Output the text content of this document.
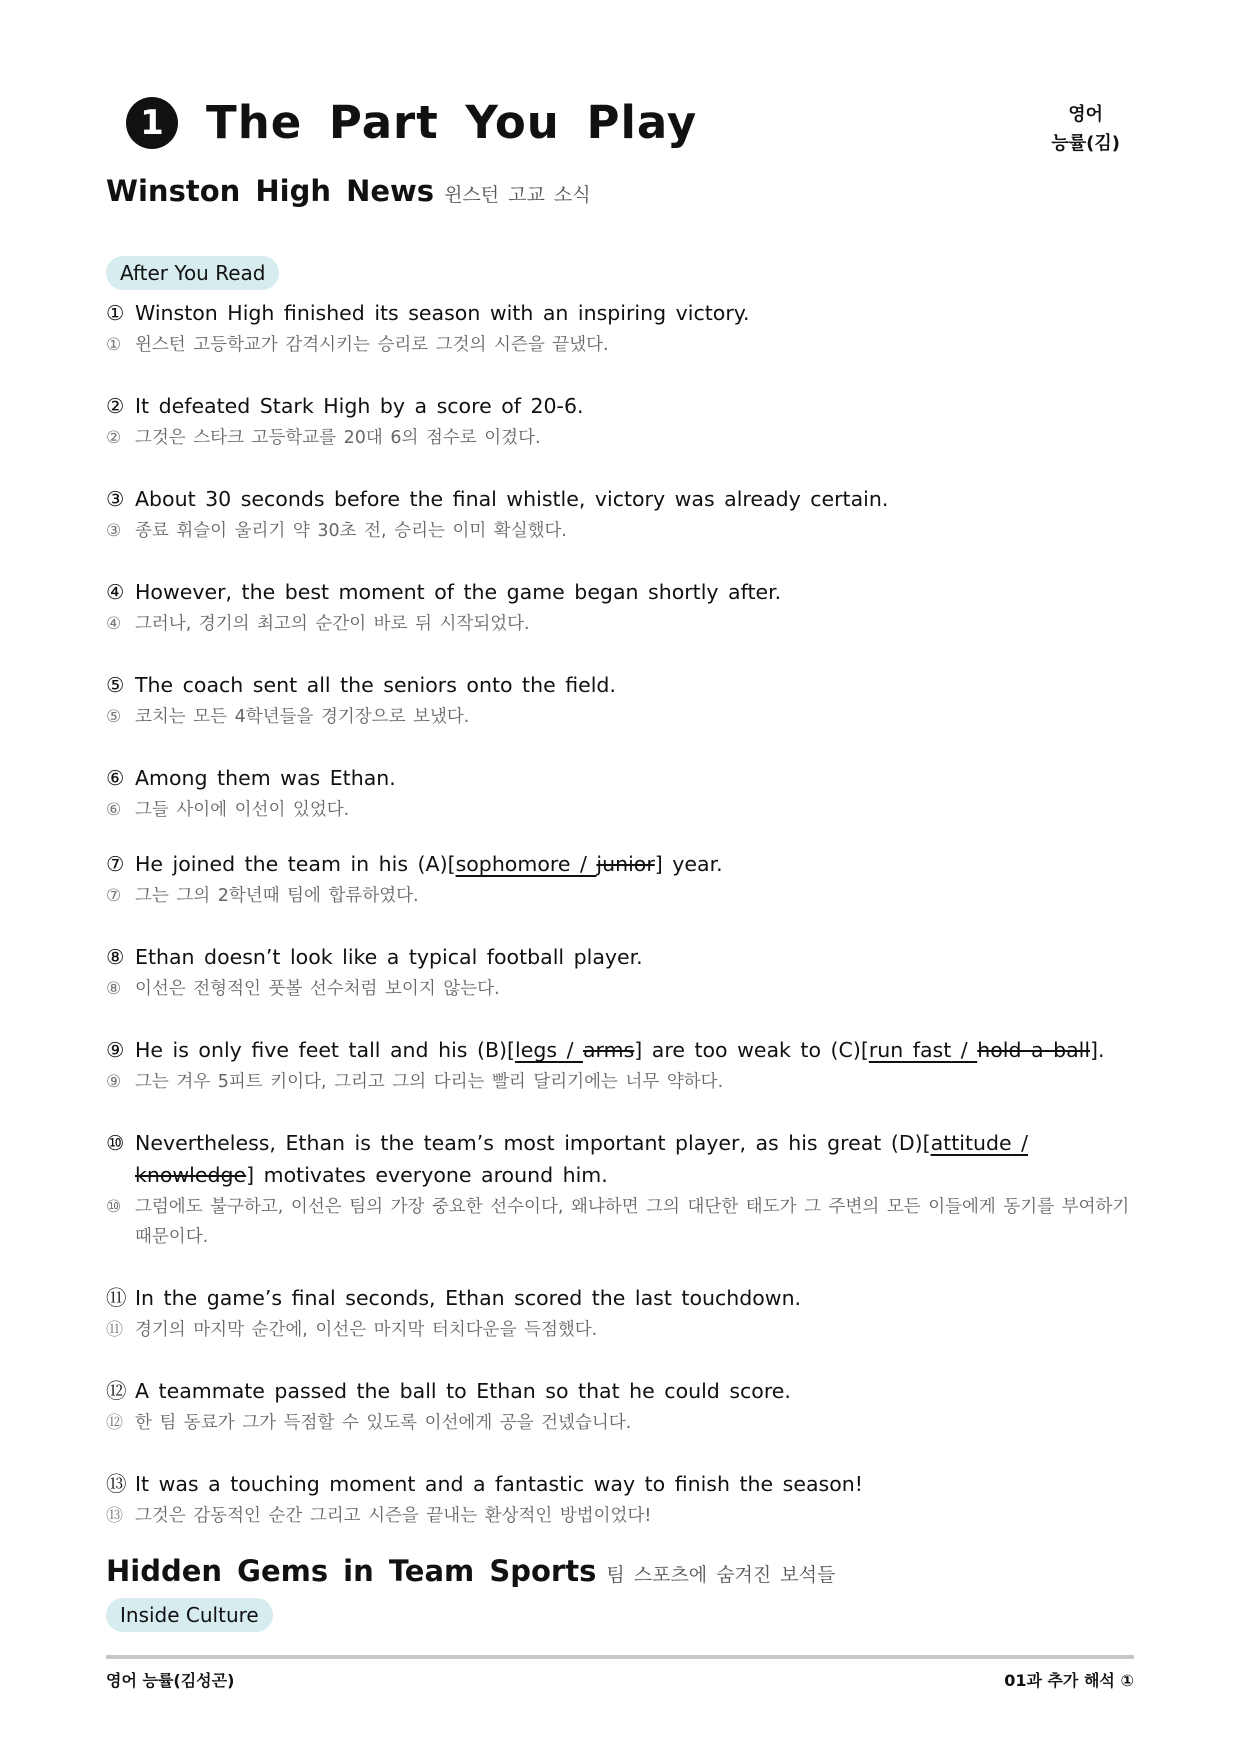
1 The Part You Play	영어
능률(김)
Winston High News 윈스턴 고교 소식
After You Read
① Winston High finished its season with an inspiring victory.
① 윈스턴 고등학교가 감격시키는 승리로 그것의 시즌을 끝냈다.
② It defeated Stark High by a score of 20-6.
② 그것은 스타크 고등학교를 20대 6의 점수로 이겼다.
③ About 30 seconds before the final whistle, victory was already certain.
③ 종료 휘슬이 울리기 약 30초 전, 승리는 이미 확실했다.
④ However, the best moment of the game began shortly after.
④ 그러나, 경기의 최고의 순간이 바로 뒤 시작되었다.
⑤ The coach sent all the seniors onto the field.
⑤ 코치는 모든 4학년들을 경기장으로 보냈다.
⑥ Among them was Ethan.
⑥ 그들 사이에 이선이 있었다.
⑦ He joined the team in his (A)[sophomore / junior] year.
⑦ 그는 그의 2학년때 팀에 합류하였다.
⑧ Ethan doesn’t look like a typical football player.
⑧ 이선은 전형적인 풋볼 선수처럼 보이지 않는다.
⑨ He is only five feet tall and his (B)[legs / arms] are too weak to (C)[run fast / hold a ball].
⑨ 그는 겨우 5피트 키이다, 그리고 그의 다리는 빨리 달리기에는 너무 약하다.
⑩ Nevertheless, Ethan is the team’s most important player, as his great (D)[attitude / knowledge] motivates everyone around him.
⑩ 그럼에도 불구하고, 이선은 팀의 가장 중요한 선수이다, 왜냐하면 그의 대단한 태도가 그 주변의 모든 이들에게 동기를 부여하기 때문이다.
⑪ In the game’s final seconds, Ethan scored the last touchdown.
⑪ 경기의 마지막 순간에, 이선은 마지막 터치다운을 득점했다.
⑫ A teammate passed the ball to Ethan so that he could score.
⑫ 한 팀 동료가 그가 득점할 수 있도록 이선에게 공을 건넸습니다.
⑬ It was a touching moment and a fantastic way to finish the season!
⑬ 그것은 감동적인 순간 그리고 시즌을 끝내는 환상적인 방법이었다!
Hidden Gems in Team Sports 팀 스포츠에 숨겨진 보석들
Inside Culture
영어 능률(김성곤)	01과 추가 해석 ①
